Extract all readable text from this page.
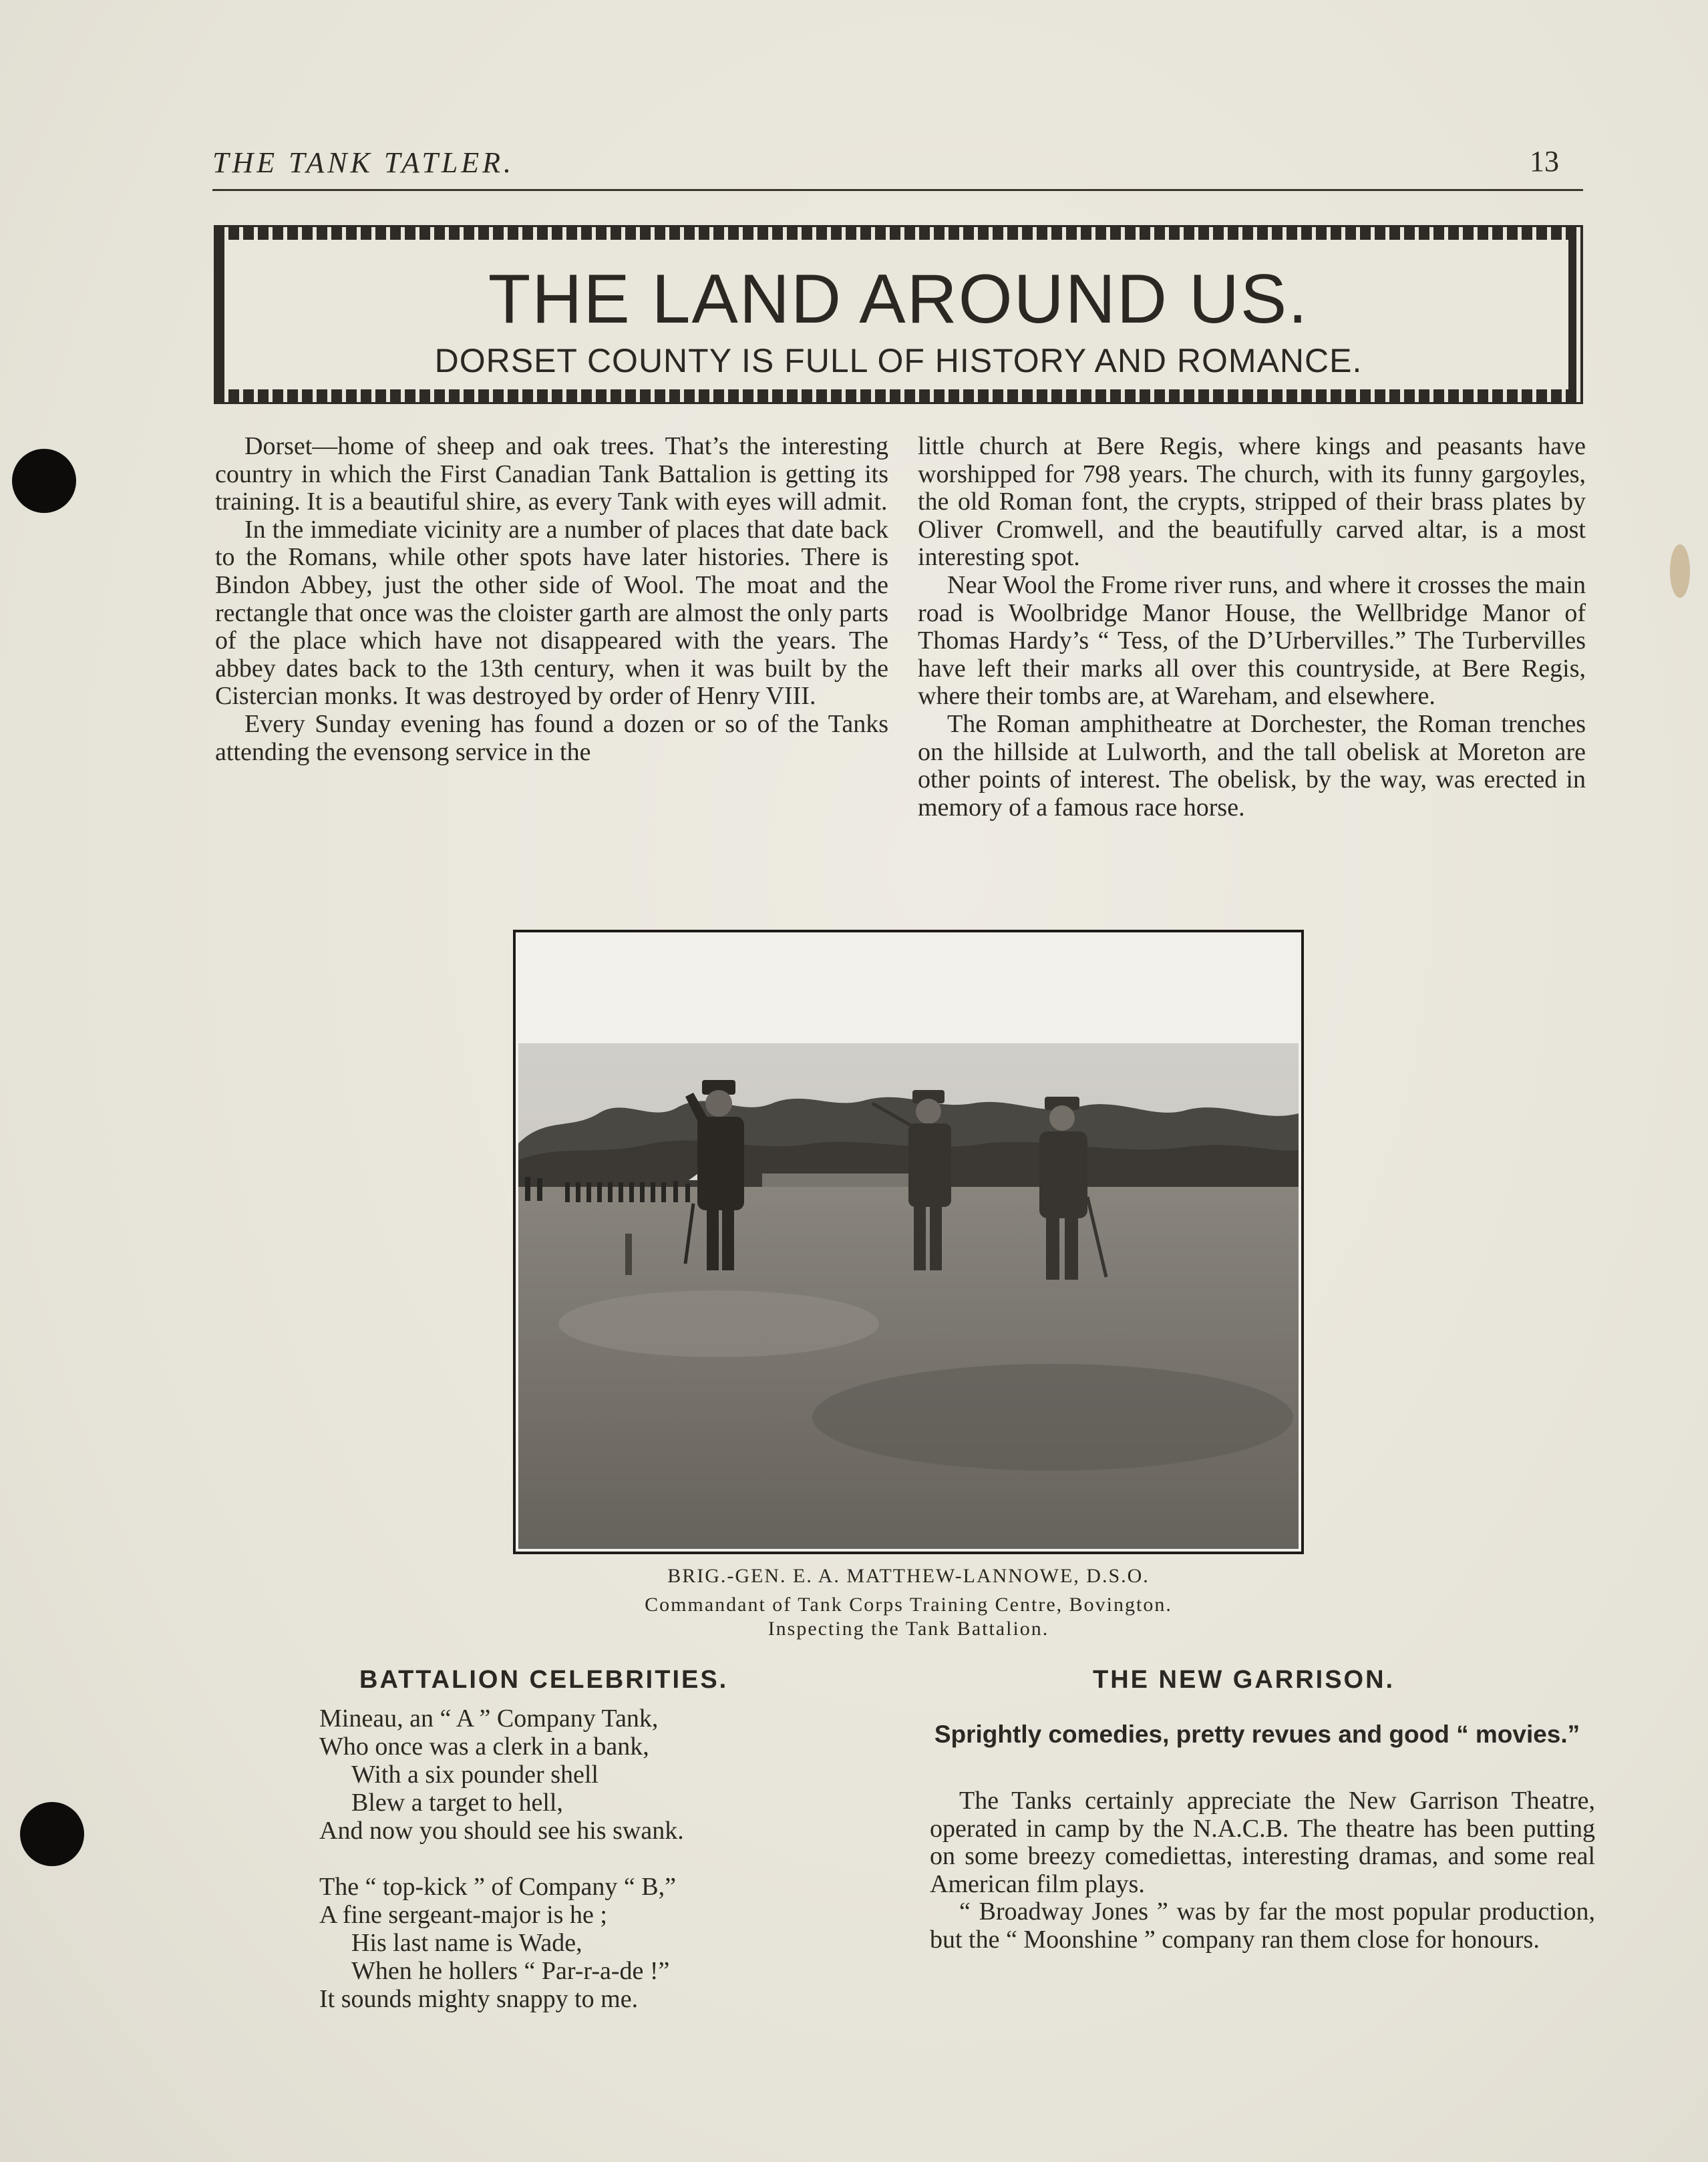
THE TANK TATLER.	13
THE LAND AROUND US.
DORSET COUNTY IS FULL OF HISTORY AND ROMANCE.

Dorset—home of sheep and oak trees. That’s the interesting country in which the First Canadian Tank Battalion is getting its training. It is a beautiful shire, as every Tank with eyes will admit.

In the immediate vicinity are a number of places that date back to the Romans, while other spots have later histories. There is Bindon Abbey, just the other side of Wool. The moat and the rectangle that once was the cloister garth are almost the only parts of the place which have not disappeared with the years. The abbey dates back to the 13th century, when it was built by the Cistercian monks. It was destroyed by order of Henry VIII.

Every Sunday evening has found a dozen or so of the Tanks attending the evensong service in the

little church at Bere Regis, where kings and peasants have worshipped for 798 years. The church, with its funny gargoyles, the old Roman font, the crypts, stripped of their brass plates by Oliver Cromwell, and the beautifully carved altar, is a most interesting spot.

Near Wool the Frome river runs, and where it crosses the main road is Woolbridge Manor House, the Wellbridge Manor of Thomas Hardy’s “ Tess, of the D’Urbervilles.” The Turbervilles have left their marks all over this countryside, at Bere Regis, where their tombs are, at Wareham, and elsewhere.

The Roman amphitheatre at Dorchester, the Roman trenches on the hillside at Lulworth, and the tall obelisk at Moreton are other points of interest. The obelisk, by the way, was erected in memory of a famous race horse.

BRIG.-GEN. E. A. MATTHEW-LANNOWE, D.S.O.
Commandant of Tank Corps Training Centre, Bovington.
Inspecting the Tank Battalion.
BATTALION CELEBRITIES.
Mineau, an “ A ” Company Tank,
Who once was a clerk in a bank,
With a six pounder shell
Blew a target to hell,
And now you should see his swank.
The “ top-kick ” of Company “ B,”
A fine sergeant-major is he ;
His last name is Wade,
When he hollers “ Par-r-a-de !”
It sounds mighty snappy to me.
THE NEW GARRISON.
Sprightly comedies, pretty revues and good “ movies.”

The Tanks certainly appreciate the New Garrison Theatre, operated in camp by the N.A.C.B. The theatre has been putting on some breezy comediettas, interesting dramas, and some real American film plays.

“ Broadway Jones ” was by far the most popular production, but the “ Moonshine ” company ran them close for honours.
